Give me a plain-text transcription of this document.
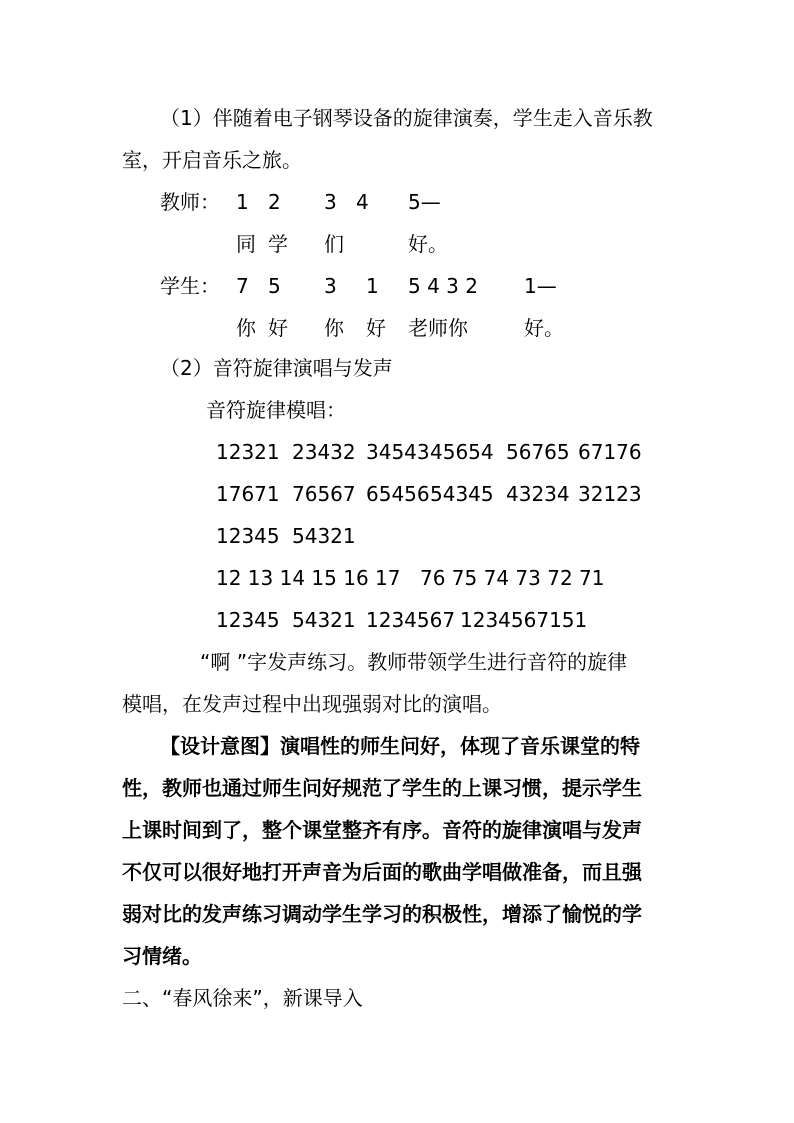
（1）伴随着电子钢琴设备的旋律演奏，学生走入音乐教
室，开启音乐之旅。
教师： 1 2 3 4 5—
同 学 们	好。
学生： 7 5 3 1 5 4 3 2 1—
你 好 你 好 老师你	好。
（2）音符旋律演唱与发声
音符旋律模唱：
12321 23432 34543 45654 56765 67176
17671 76567 65456 54345 43234 32123
12345 54321
12 13 14 15 16 17 76 75 74 73 72 71
12345 54321 1234567 1234567151
“啊 ”字发声练习。教师带领学生进行音符的旋律
模唱，在发声过程中出现强弱对比的演唱。
【设计意图】演唱性的师生问好，体现了音乐课堂的特
性，教师也通过师生问好规范了学生的上课习惯，提示学生
上课时间到了，整个课堂整齐有序。音符的旋律演唱与发声
不仅可以很好地打开声音为后面的歌曲学唱做准备，而且强
弱对比的发声练习调动学生学习的积极性，增添了愉悦的学
习情绪。
二、“春风徐来”，新课导入
